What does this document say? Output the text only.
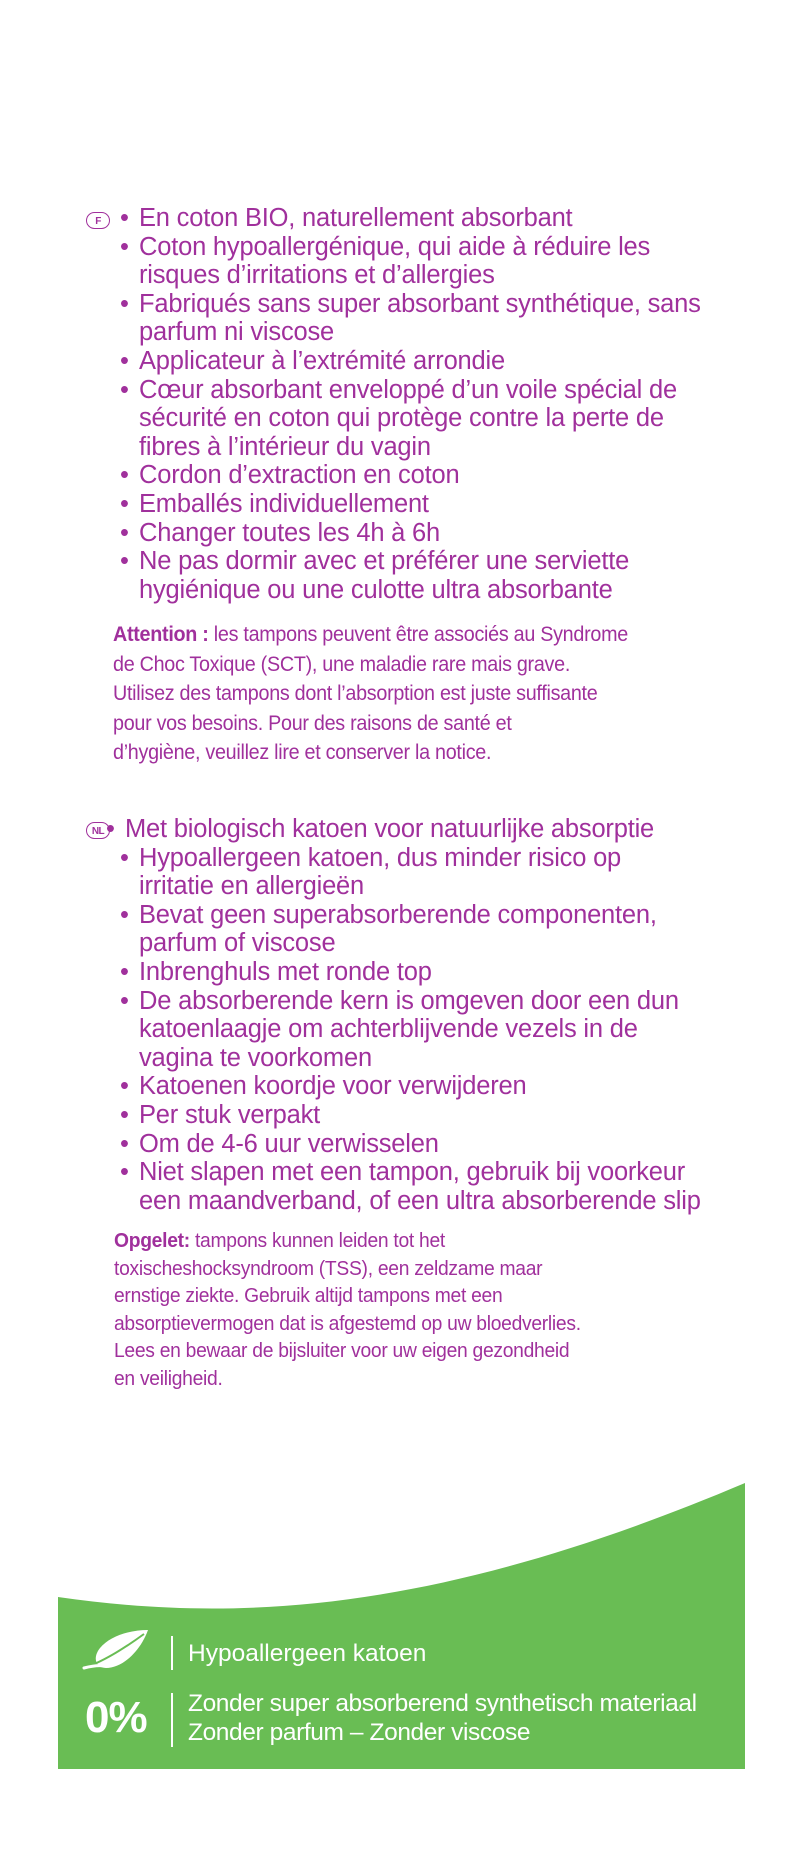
F	• En coton BIO, naturellement absorbant
• Coton hypoallergénique, qui aide à réduire les
risques d’irritations et d’allergies
• Fabriqués sans super absorbant synthétique, sans
parfum ni viscose
• Applicateur à l’extrémité arrondie
• Cœur absorbant enveloppé d’un voile spécial de
sécurité en coton qui protège contre la perte de
fibres à l’intérieur du vagin
• Cordon d’extraction en coton
• Emballés individuellement
• Changer toutes les 4h à 6h
• Ne pas dormir avec et préférer une serviette
hygiénique ou une culotte ultra absorbante
Attention : les tampons peuvent être associés au Syndrome
de Choc Toxique (SCT), une maladie rare mais grave.
Utilisez des tampons dont l’absorption est juste suffisante
pour vos besoins. Pour des raisons de santé et
d’hygiène, veuillez lire et conserver la notice.
NL • Met biologisch katoen voor natuurlijke absorptie
• Hypoallergeen katoen, dus minder risico op
irritatie en allergieën
• Bevat geen superabsorberende componenten,
parfum of viscose
• Inbrenghuls met ronde top
• De absorberende kern is omgeven door een dun
katoenlaagje om achterblijvende vezels in de
vagina te voorkomen
• Katoenen koordje voor verwijderen
• Per stuk verpakt
• Om de 4-6 uur verwisselen
• Niet slapen met een tampon, gebruik bij voorkeur
een maandverband, of een ultra absorberende slip
Opgelet: tampons kunnen leiden tot het
toxischeshocksyndroom (TSS), een zeldzame maar
ernstige ziekte. Gebruik altijd tampons met een
absorptievermogen dat is afgestemd op uw bloedverlies.
Lees en bewaar de bijsluiter voor uw eigen gezondheid
en veiligheid.
Hypoallergeen katoen
0% Zonder super absorberend synthetisch materiaal
Zonder parfum – Zonder viscose
